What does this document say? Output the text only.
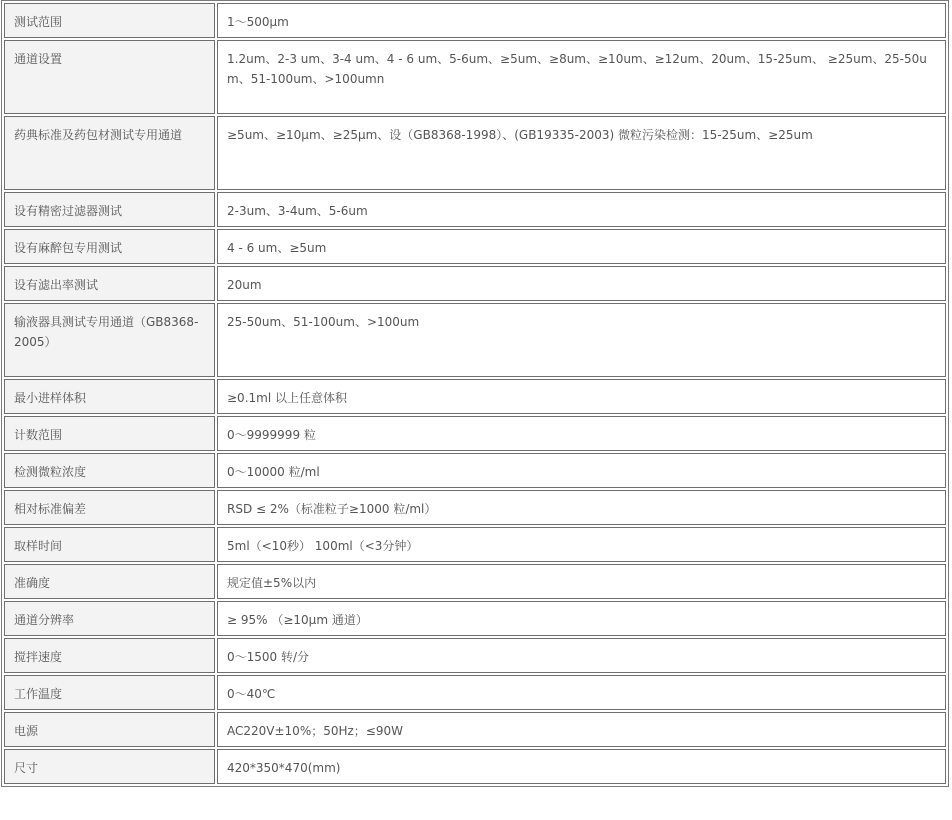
测试范围	1～500μm
通道设置	1.2um、2-3 um、3-4 um、4 - 6 um、5-6um、≥5um、≥8um、≥10um、≥12um、20um、15-25um、 ≥25um、25-50um、51-100um、>100umn
药典标准及药包材测试专用通道	≥5um、≥10μm、≥25μm、设（GB8368-1998）、(GB19335-2003) 微粒污染检测：15-25um、≥25um
设有精密过滤器测试	2-3um、3-4um、5-6um
设有麻醉包专用测试	4 - 6 um、≥5um
设有滤出率测试	20um
输液器具测试专用通道（GB8368-2005）	25-50um、51-100um、>100um
最小进样体积	≥0.1ml 以上任意体积
计数范围	0～9999999 粒
检测微粒浓度	0～10000 粒/ml
相对标准偏差	RSD ≤ 2%（标准粒子≥1000 粒/ml）
取样时间	5ml（<10秒） 100ml（<3分钟）
准确度	规定值±5%以内
通道分辨率	≥ 95% （≥10μm 通道）
搅拌速度	0～1500 转/分
工作温度	0～40℃
电源	AC220V±10%；50Hz；≤90W
尺寸	420*350*470(mm)
